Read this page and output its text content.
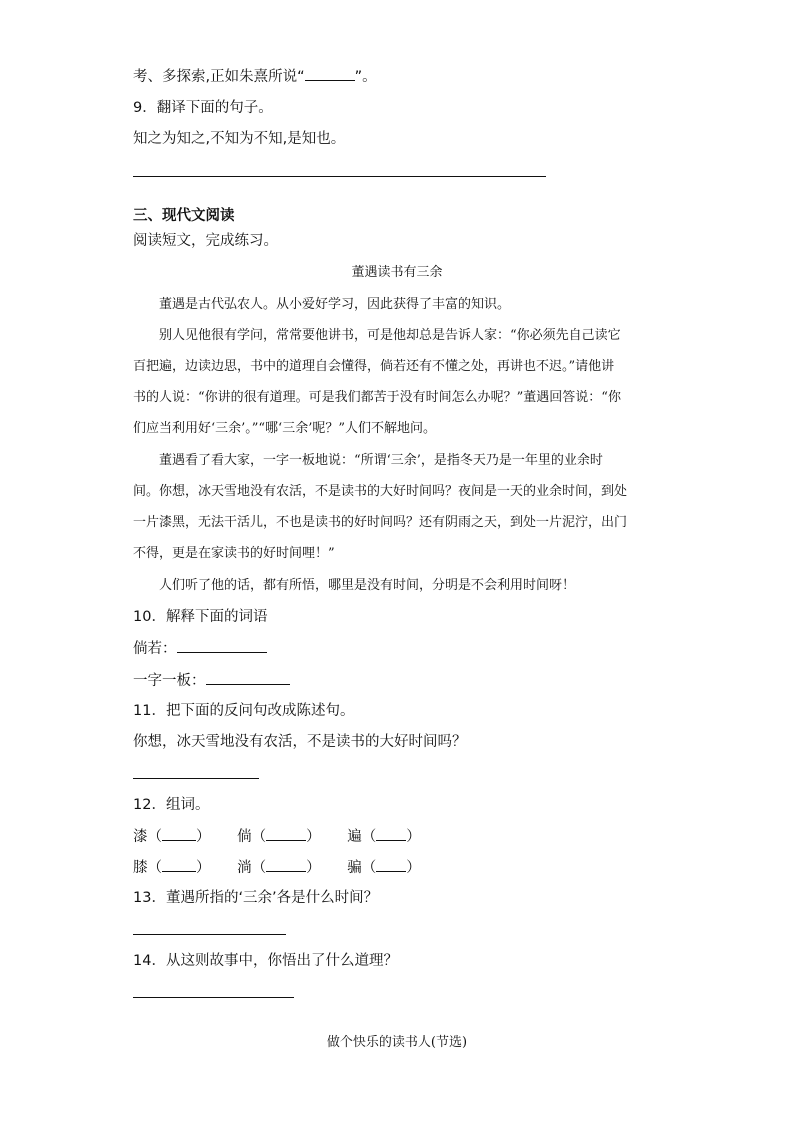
考、多探索,正如朱熹所说“	”。
9．翻译下面的句子。
知之为知之,不知为不知,是知也。
三、现代文阅读
阅读短文，完成练习。
董遇读书有三余
　　董遇是古代弘农人。从小爱好学习，因此获得了丰富的知识。
　　别人见他很有学问，常常要他讲书，可是他却总是告诉人家：“你必须先自己读它
百把遍，边读边思，书中的道理自会懂得，倘若还有不懂之处，再讲也不迟。”请他讲
书的人说：“你讲的很有道理。可是我们都苦于没有时间怎么办呢？”董遇回答说：“你
们应当利用好‘三余’。”“哪‘三余’呢？”人们不解地问。
　　董遇看了看大家，一字一板地说：“所谓‘三余’，是指冬天乃是一年里的业余时
间。你想，冰天雪地没有农活，不是读书的大好时间吗？夜间是一天的业余时间，到处
一片漆黑，无法干活儿，不也是读书的好时间吗？还有阴雨之天，到处一片泥泞，出门
不得，更是在家读书的好时间哩！”
　　人们听了他的话，都有所悟，哪里是没有时间，分明是不会利用时间呀！
10．解释下面的词语
倘若：
一字一板：
11．把下面的反问句改成陈述句。
你想，冰天雪地没有农活，不是读书的大好时间吗？
12．组词。
漆（ ） 倘（	） 遍（ ）
膝（ ） 淌（	） 骗（ ）
13．董遇所指的‘三余’各是什么时间？
14．从这则故事中，你悟出了什么道理？
做个快乐的读书人(节选)
